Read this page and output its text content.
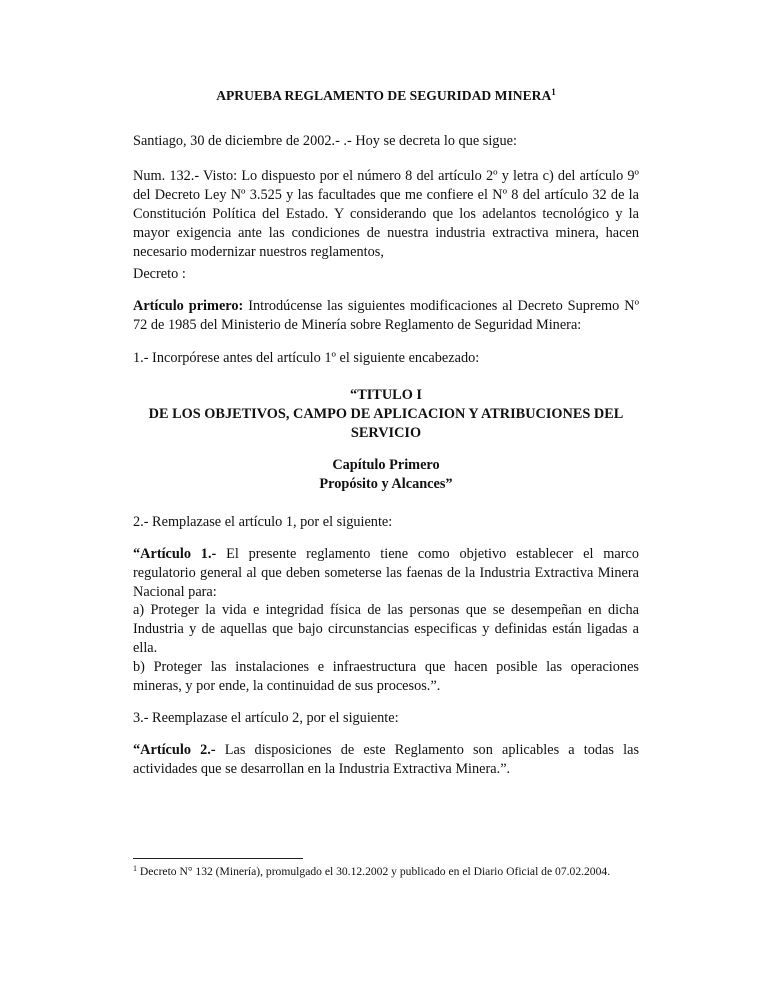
APRUEBA REGLAMENTO DE SEGURIDAD MINERA$^1$

Santiago, 30 de diciembre de 2002.- .- Hoy se decreta lo que sigue:

Num. 132.- Visto: Lo dispuesto por el número 8 del artículo 2º y letra c) del artículo 9º del Decreto Ley Nº 3.525 y las facultades que me confiere el Nº 8 del artículo 32 de la Constitución Política del Estado. Y considerando que los adelantos tecnológico y la mayor exigencia ante las condiciones de nuestra industria extractiva minera, hacen necesario modernizar nuestros reglamentos,

Decreto :

Artículo primero: Introdúcense las siguientes modificaciones al Decreto Supremo Nº 72 de 1985 del Ministerio de Minería sobre Reglamento de Seguridad Minera:

1.- Incorpórese antes del artículo 1º el siguiente encabezado:

“TITULO I
DE LOS OBJETIVOS, CAMPO DE APLICACION Y ATRIBUCIONES DEL
SERVICIO
Capítulo Primero
Propósito y Alcances”

2.- Remplazase el artículo 1, por el siguiente:

“Artículo 1.- El presente reglamento tiene como objetivo establecer el marco regulatorio general al que deben someterse las faenas de la Industria Extractiva Minera Nacional para:

a) Proteger la vida e integridad física de las personas que se desempeñan en dicha Industria y de aquellas que bajo circunstancias especificas y definidas están ligadas a ella.

b) Proteger las instalaciones e infraestructura que hacen posible las operaciones mineras, y por ende, la continuidad de sus procesos.”.

3.- Reemplazase el artículo 2, por el siguiente:

“Artículo 2.- Las disposiciones de este Reglamento son aplicables a todas las actividades que se desarrollan en la Industria Extractiva Minera.”.

$^1$ Decreto N° 132 (Minería), promulgado el 30.12.2002 y publicado en el Diario Oficial de 07.02.2004.
